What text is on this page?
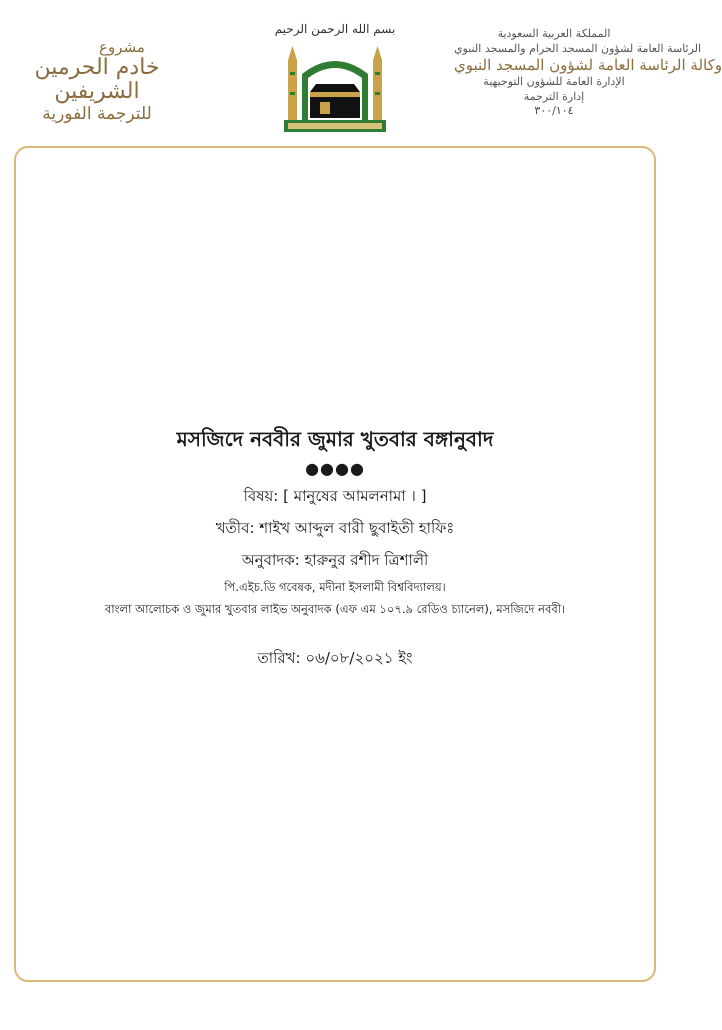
مشروع
خادم الحرمين الشريفين
للترجمة الفورية
بسم الله الرحمن الرحيم	المملكة العربية السعودية
الرئاسة العامة لشؤون المسجد الحرام والمسجد النبوي
وكالة الرئاسة العامة لشؤون المسجد النبوي
الإدارة العامة للشؤون التوجيهية
إدارة الترجمة
٣٠٠/١٠٤
মসজিদে নববীর জুমার খুতবার বঙ্গানুবাদ
●●●●

বিষয়: [ মানুষের আমলনামা । ]

খতীব: শাইখ আব্দুল বারী ছুবাইতী হাফিঃ

অনুবাদক: হারুনুর রশীদ ত্রিশালী

পি.এইচ.ডি গবেষক, মদীনা ইসলামী বিশ্ববিদ্যালয়।

বাংলা আলোচক ও জুমার খুতবার লাইভ অনুবাদক (এফ এম ১০৭.৯ রেডিও চ্যানেল), মসজিদে নববী।

তারিখ: ০৬/০৮/২০২১ ইং
